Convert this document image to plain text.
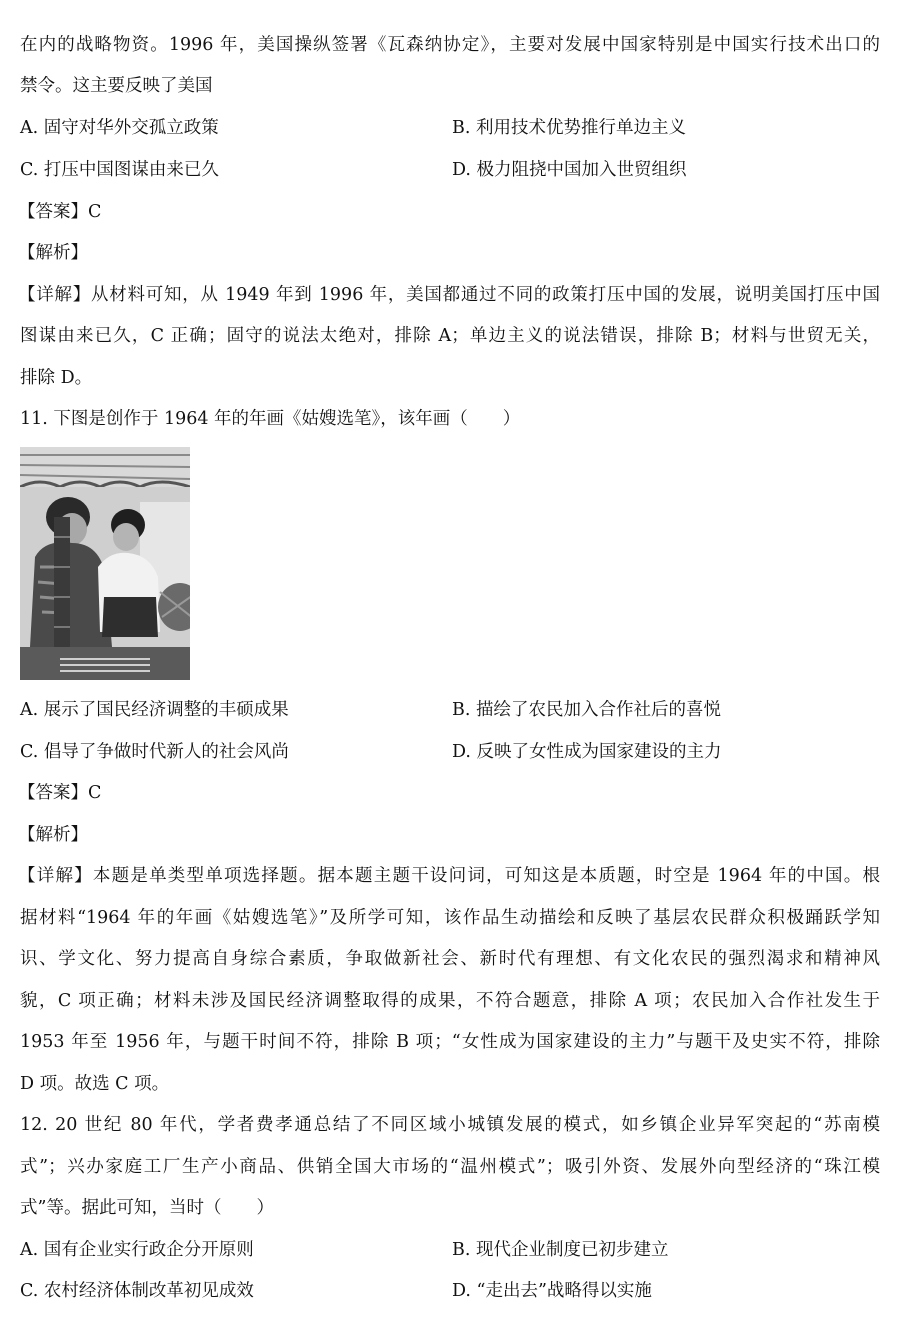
在内的战略物资。1996 年，美国操纵签署《瓦森纳协定》，主要对发展中国家特别是中国实行技术出口的
禁令。这主要反映了美国
A. 固守对华外交孤立政策	B. 利用技术优势推行单边主义
C. 打压中国图谋由来已久	D. 极力阻挠中国加入世贸组织
【答案】C
【解析】
【详解】从材料可知，从 1949 年到 1996 年，美国都通过不同的政策打压中国的发展，说明美国打压中国
图谋由来已久，C 正确；固守的说法太绝对，排除 A；单边主义的说法错误，排除 B；材料与世贸无关，
排除 D。
11. 下图是创作于 1964 年的年画《姑嫂选笔》，该年画（　　）
A. 展示了国民经济调整的丰硕成果	B. 描绘了农民加入合作社后的喜悦
C. 倡导了争做时代新人的社会风尚	D. 反映了女性成为国家建设的主力
【答案】C
【解析】
【详解】本题是单类型单项选择题。据本题主题干设问词，可知这是本质题，时空是 1964 年的中国。根
据材料“1964 年的年画《姑嫂选笔》”及所学可知，该作品生动描绘和反映了基层农民群众积极踊跃学知
识、学文化、努力提高自身综合素质，争取做新社会、新时代有理想、有文化农民的强烈渴求和精神风
貌，C 项正确；材料未涉及国民经济调整取得的成果，不符合题意，排除 A 项；农民加入合作社发生于
1953 年至 1956 年，与题干时间不符，排除 B 项；“女性成为国家建设的主力”与题干及史实不符，排除
D 项。故选 C 项。
12. 20 世纪 80 年代，学者费孝通总结了不同区域小城镇发展的模式，如乡镇企业异军突起的“苏南模
式”；兴办家庭工厂生产小商品、供销全国大市场的“温州模式”；吸引外资、发展外向型经济的“珠江模
式”等。据此可知，当时（　　）
A. 国有企业实行政企分开原则	B. 现代企业制度已初步建立
C. 农村经济体制改革初见成效	D. “走出去”战略得以实施
